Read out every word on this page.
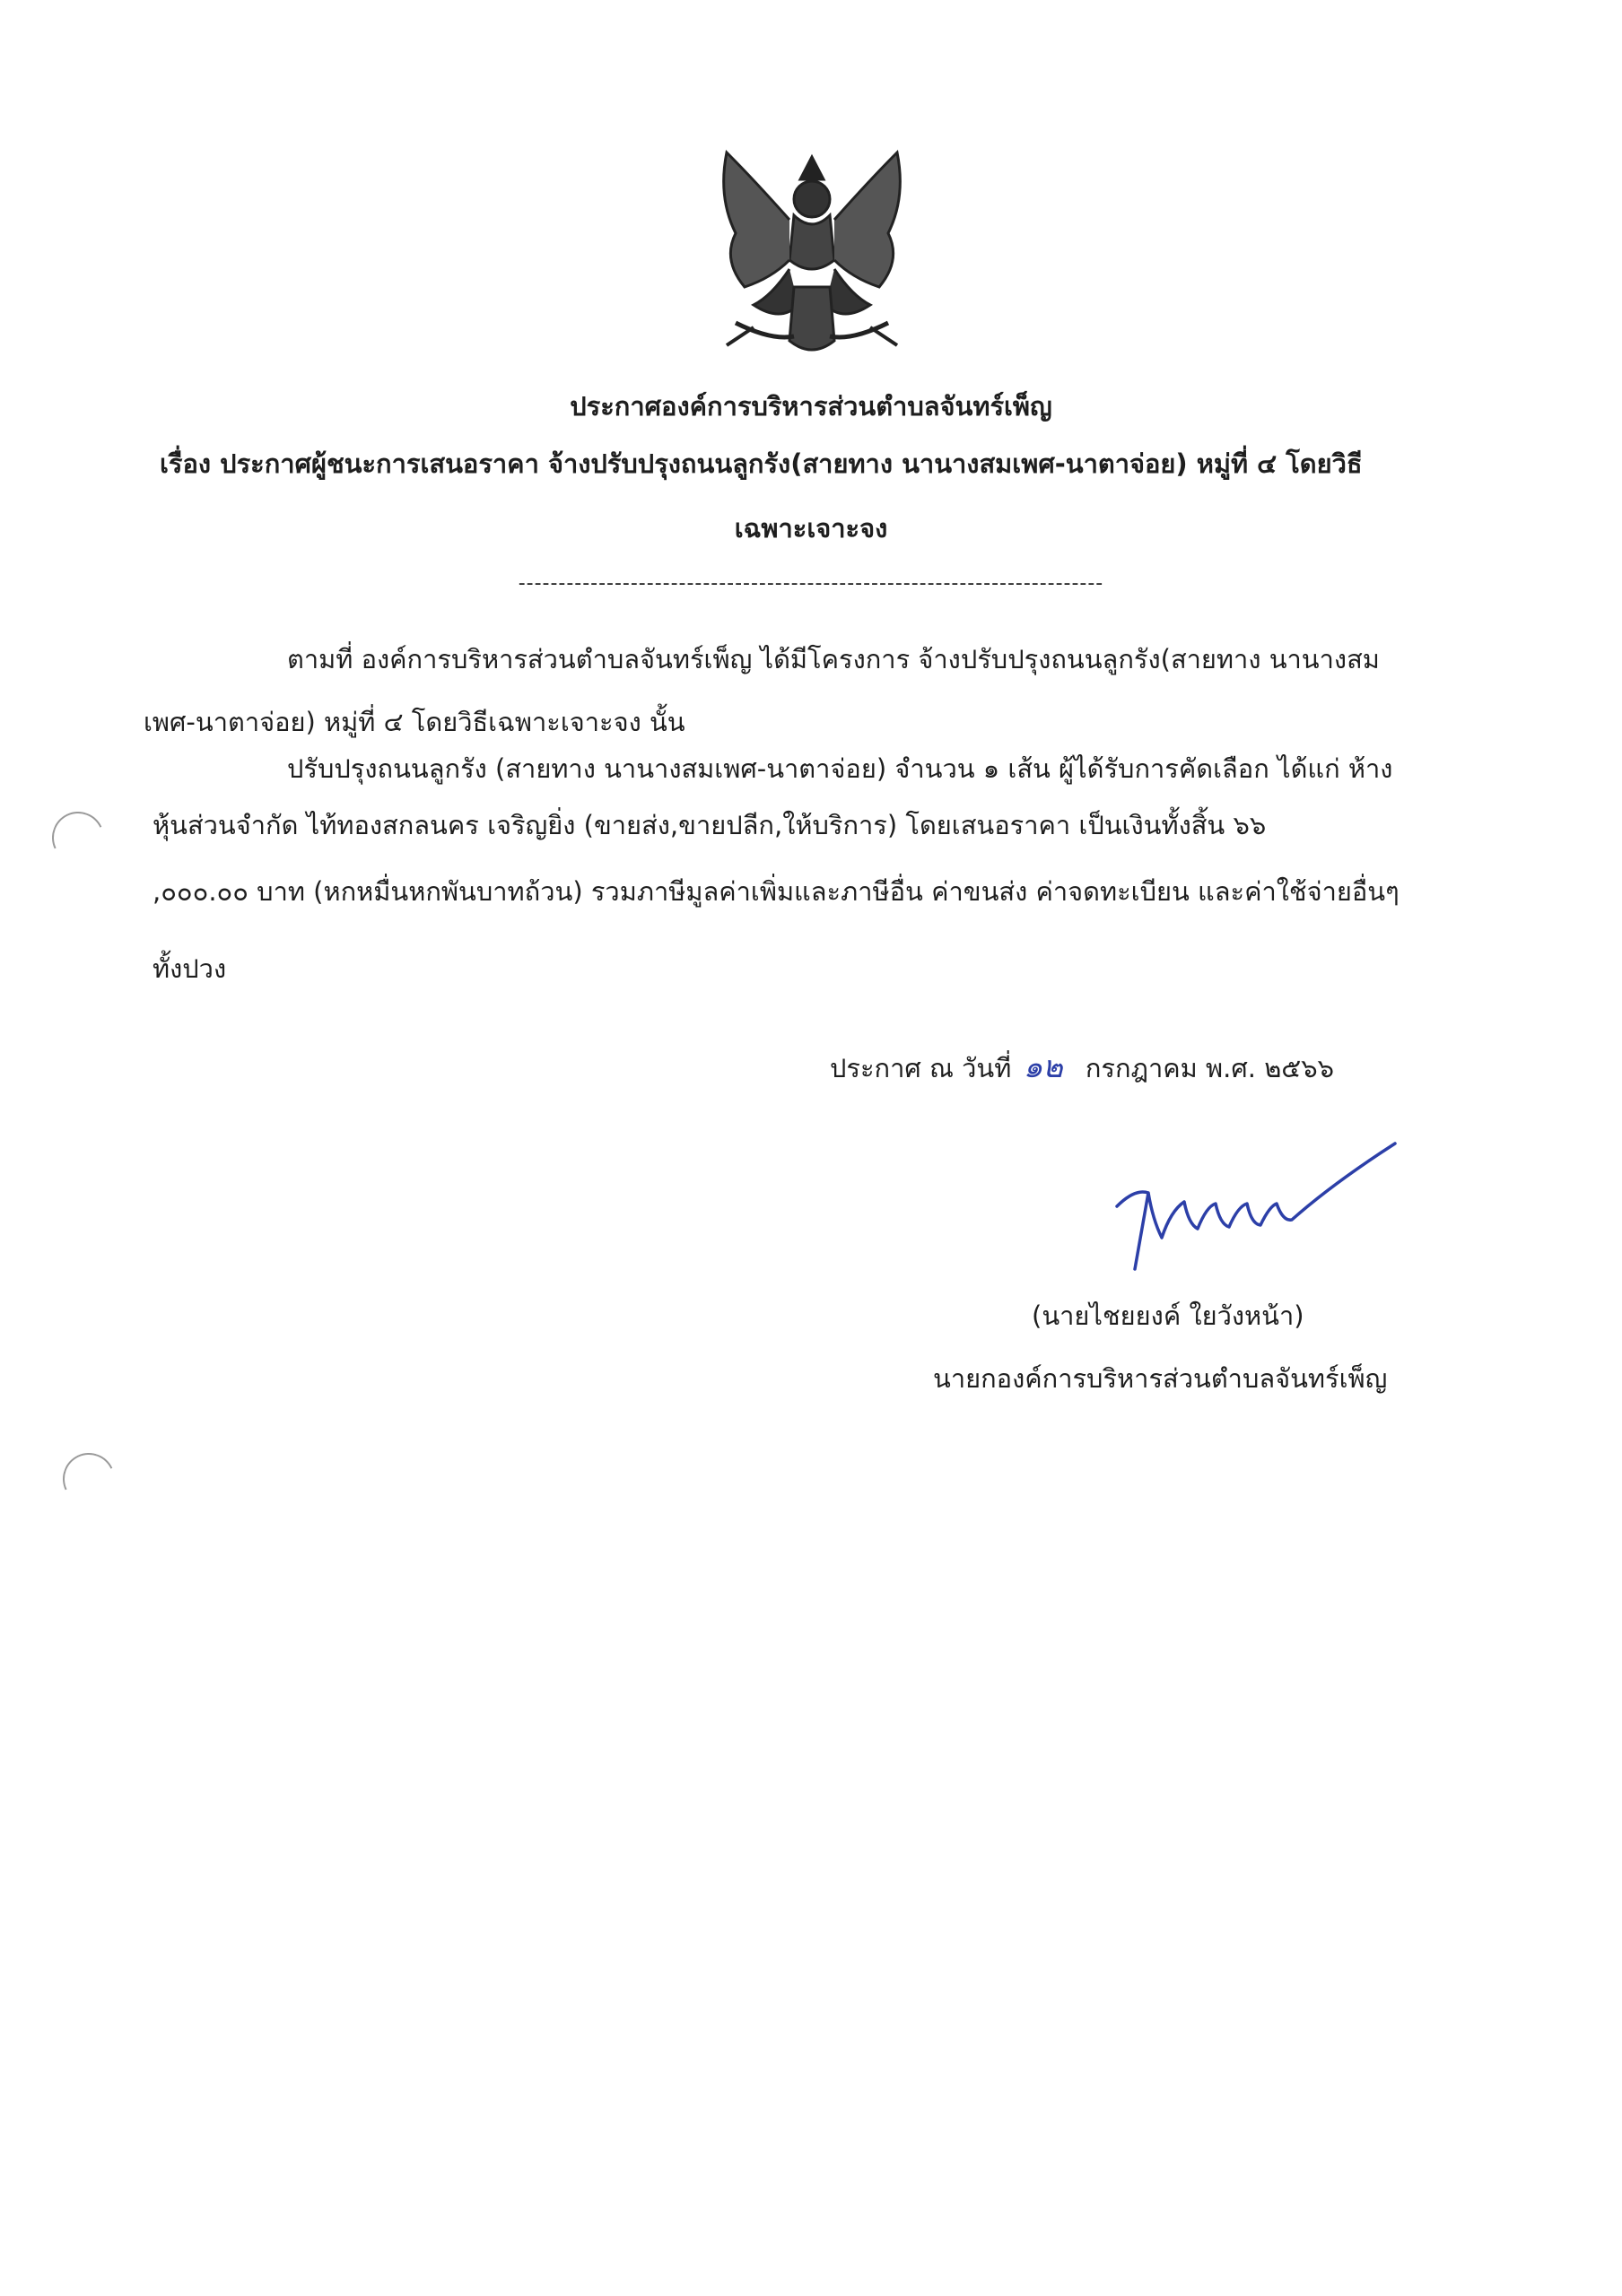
ประกาศองค์การบริหารส่วนตำบลจันทร์เพ็ญ
เรื่อง ประกาศผู้ชนะการเสนอราคา จ้างปรับปรุงถนนลูกรัง(สายทาง นานางสมเพศ-นาตาจ่อย) หมู่ที่ ๔ โดยวิธี
เฉพาะเจาะจง
-------------------------------------------------------------------------
ตามที่ องค์การบริหารส่วนตำบลจันทร์เพ็ญ ได้มีโครงการ จ้างปรับปรุงถนนลูกรัง(สายทาง นานางสม
เพศ-นาตาจ่อย) หมู่ที่ ๔ โดยวิธีเฉพาะเจาะจง นั้น
ปรับปรุงถนนลูกรัง (สายทาง นานางสมเพศ-นาตาจ่อย) จำนวน ๑ เส้น ผู้ได้รับการคัดเลือก ได้แก่ ห้าง
หุ้นส่วนจำกัด ไท้ทองสกลนคร เจริญยิ่ง (ขายส่ง,ขายปลีก,ให้บริการ) โดยเสนอราคา เป็นเงินทั้งสิ้น ๖๖
,๐๐๐.๐๐ บาท (หกหมื่นหกพันบาทถ้วน) รวมภาษีมูลค่าเพิ่มและภาษีอื่น ค่าขนส่ง ค่าจดทะเบียน และค่าใช้จ่ายอื่นๆ
ทั้งปวง
ประกาศ ณ วันที่ ๑๒ กรกฎาคม พ.ศ. ๒๕๖๖
(นายไชยยงค์ ใยวังหน้า)
นายกองค์การบริหารส่วนตำบลจันทร์เพ็ญ
